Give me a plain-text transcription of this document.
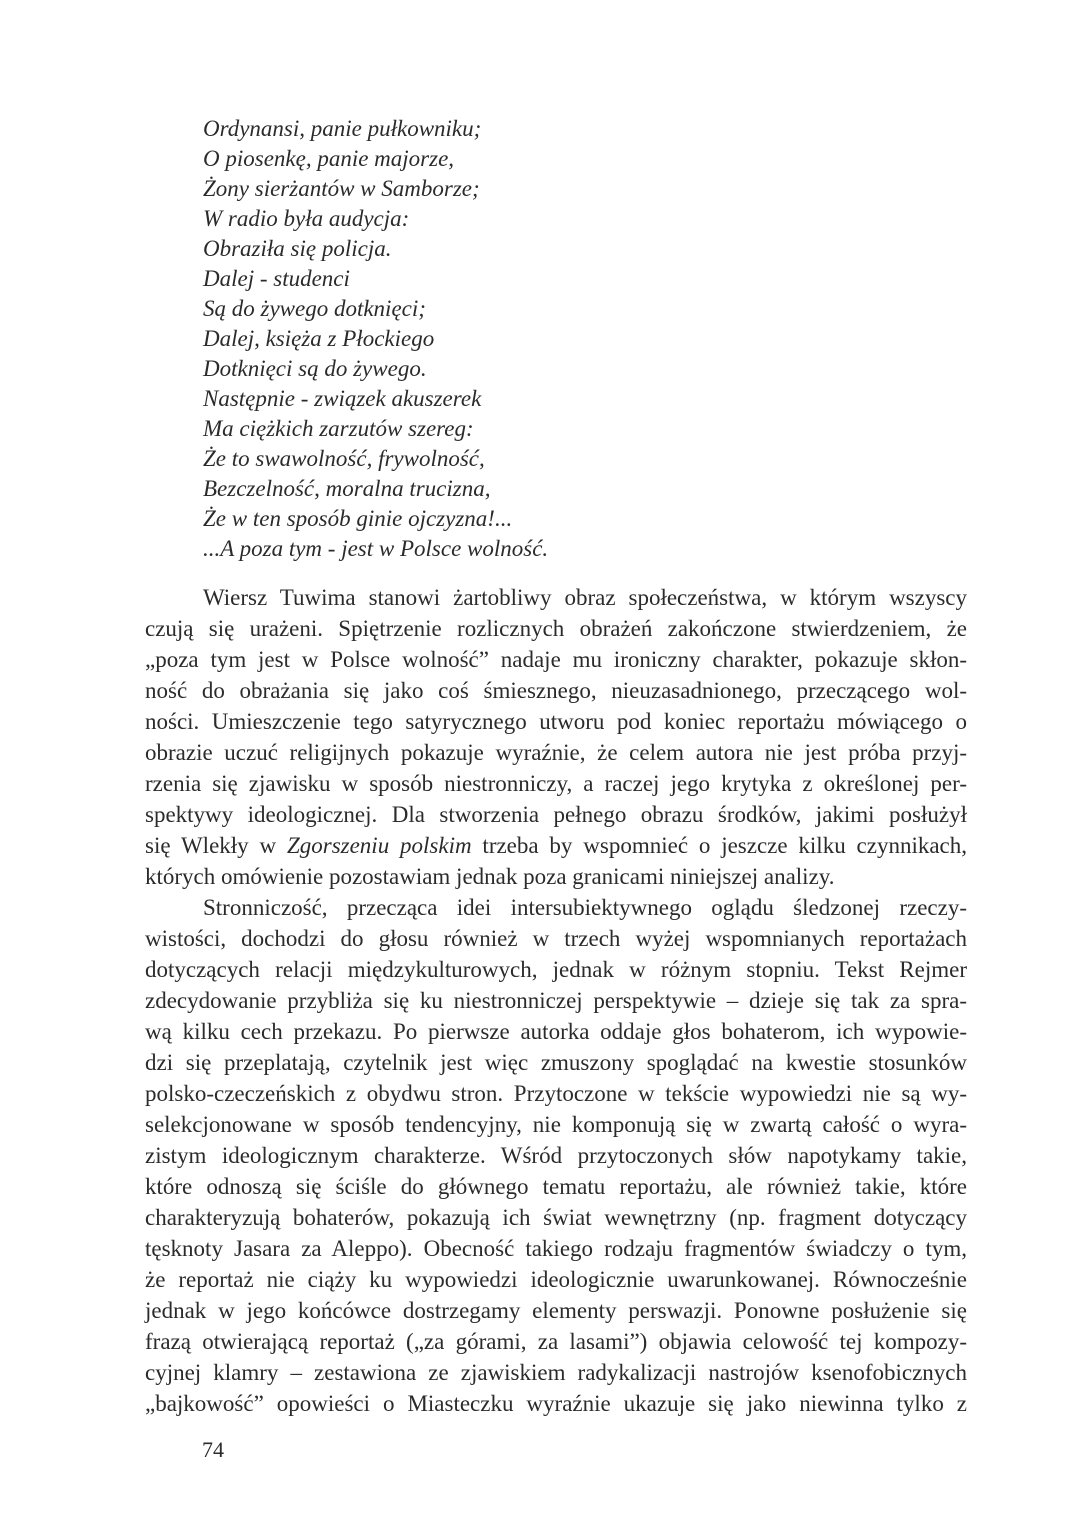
Ordynansi, panie pułkowniku;
O piosenkę, panie majorze,
Żony sierżantów w Samborze;
W radio była audycja:
Obraziła się policja.
Dalej - studenci
Są do żywego dotknięci;
Dalej, księża z Płockiego
Dotknięci są do żywego.
Następnie - związek akuszerek
Ma ciężkich zarzutów szereg:
Że to swawolność, frywolność,
Bezczelność, moralna trucizna,
Że w ten sposób ginie ojczyzna!...
...A poza tym - jest w Polsce wolność.
Wiersz Tuwima stanowi żartobliwy obraz społeczeństwa, w którym wszyscy
czują się urażeni. Spiętrzenie rozlicznych obrażeń zakończone stwierdzeniem, że
„poza tym jest w Polsce wolność” nadaje mu ironiczny charakter, pokazuje skłon-
ność do obrażania się jako coś śmiesznego, nieuzasadnionego, przeczącego wol-
ności. Umieszczenie tego satyrycznego utworu pod koniec reportażu mówiącego o
obrazie uczuć religijnych pokazuje wyraźnie, że celem autora nie jest próba przyj-
rzenia się zjawisku w sposób niestronniczy, a raczej jego krytyka z określonej per-
spektywy ideologicznej. Dla stworzenia pełnego obrazu środków, jakimi posłużył
się Wlekły w Zgorszeniu polskim trzeba by wspomnieć o jeszcze kilku czynnikach,
których omówienie pozostawiam jednak poza granicami niniejszej analizy.
Stronniczość, przecząca idei intersubiektywnego oglądu śledzonej rzeczy-
wistości, dochodzi do głosu również w trzech wyżej wspomnianych reportażach
dotyczących relacji międzykulturowych, jednak w różnym stopniu. Tekst Rejmer
zdecydowanie przybliża się ku niestronniczej perspektywie – dzieje się tak za spra-
wą kilku cech przekazu. Po pierwsze autorka oddaje głos bohaterom, ich wypowie-
dzi się przeplatają, czytelnik jest więc zmuszony spoglądać na kwestie stosunków
polsko-czeczeńskich z obydwu stron. Przytoczone w tekście wypowiedzi nie są wy-
selekcjonowane w sposób tendencyjny, nie komponują się w zwartą całość o wyra-
zistym ideologicznym charakterze. Wśród przytoczonych słów napotykamy takie,
które odnoszą się ściśle do głównego tematu reportażu, ale również takie, które
charakteryzują bohaterów, pokazują ich świat wewnętrzny (np. fragment dotyczący
tęsknoty Jasara za Aleppo). Obecność takiego rodzaju fragmentów świadczy o tym,
że reportaż nie ciąży ku wypowiedzi ideologicznie uwarunkowanej. Równocześnie
jednak w jego końcówce dostrzegamy elementy perswazji. Ponowne posłużenie się
frazą otwierającą reportaż („za górami, za lasami”) objawia celowość tej kompozy-
cyjnej klamry – zestawiona ze zjawiskiem radykalizacji nastrojów ksenofobicznych
„bajkowość” opowieści o Miasteczku wyraźnie ukazuje się jako niewinna tylko z
74
